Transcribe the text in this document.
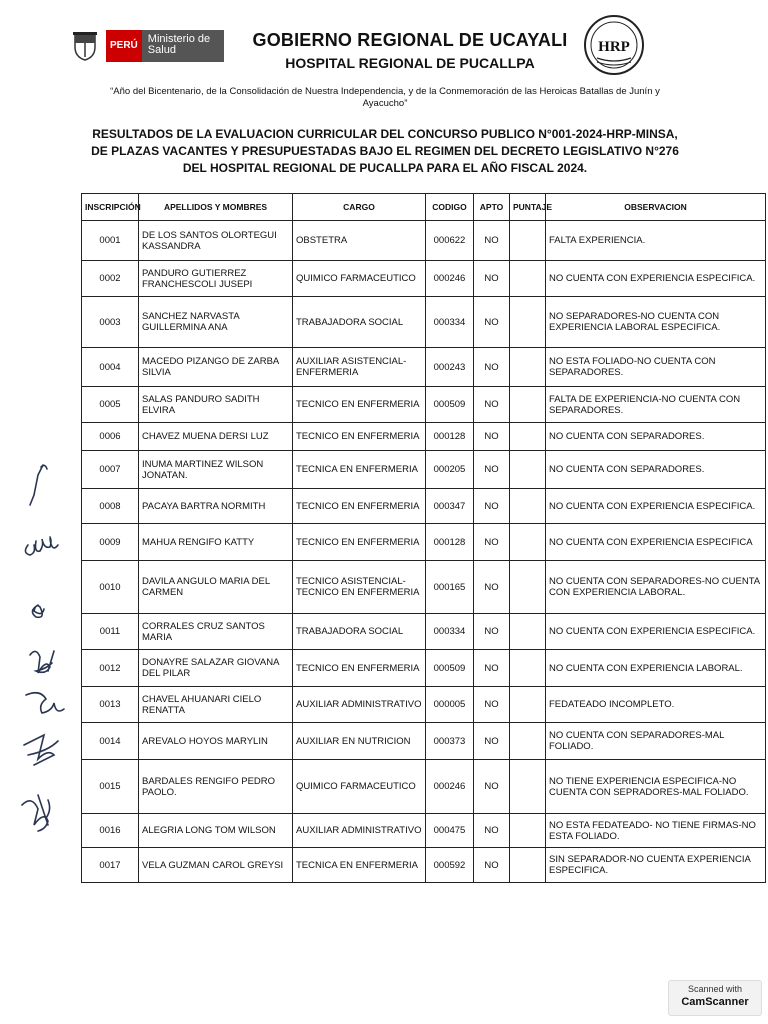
PERÚ
Ministerio de Salud	GOBIERNO REGIONAL DE UCAYALI
HOSPITAL REGIONAL DE PUCALLPA
HRP
“Año del Bicentenario, de la Consolidación de Nuestra Independencia, y de la Conmemoración de las Heroicas Batallas de Junín y Ayacucho”
RESULTADOS DE LA EVALUACION CURRICULAR DEL CONCURSO PUBLICO N°001-2024-HRP-MINSA,
DE PLAZAS VACANTES Y PRESUPUESTADAS BAJO EL REGIMEN DEL DECRETO LEGISLATIVO N°276
DEL HOSPITAL REGIONAL DE PUCALLPA PARA EL AÑO FISCAL 2024.
INSCRIPCIÓN	APELLIDOS Y MOMBRES	CARGO	CODIGO	APTO	PUNTAJE	OBSERVACION
0001	DE LOS SANTOS OLORTEGUI KASSANDRA	OBSTETRA	000622	NO		FALTA EXPERIENCIA.
0002	PANDURO GUTIERREZ FRANCHESCOLI JUSEPI	QUIMICO FARMACEUTICO	000246	NO		NO CUENTA CON EXPERIENCIA ESPECIFICA.
0003	SANCHEZ NARVASTA GUILLERMINA ANA	TRABAJADORA SOCIAL	000334	NO		NO SEPARADORES-NO CUENTA CON EXPERIENCIA LABORAL ESPECIFICA.
0004	MACEDO PIZANGO DE ZARBA SILVIA	AUXILIAR ASISTENCIAL-ENFERMERIA	000243	NO		NO ESTA FOLIADO-NO CUENTA CON SEPARADORES.
0005	SALAS PANDURO SADITH ELVIRA	TECNICO EN ENFERMERIA	000509	NO		FALTA DE EXPERIENCIA-NO CUENTA CON SEPARADORES.
0006	CHAVEZ MUENA DERSI LUZ	TECNICO EN ENFERMERIA	000128	NO		NO CUENTA CON SEPARADORES.
0007	INUMA MARTINEZ WILSON JONATAN.	TECNICA EN ENFERMERIA	000205	NO		NO CUENTA CON SEPARADORES.
0008	PACAYA BARTRA NORMITH	TECNICO EN ENFERMERIA	000347	NO		NO CUENTA CON EXPERIENCIA ESPECIFICA.
0009	MAHUA RENGIFO KATTY	TECNICO EN ENFERMERIA	000128	NO		NO CUENTA CON EXPERIENCIA ESPECIFICA
0010	DAVILA ANGULO MARIA DEL CARMEN	TECNICO ASISTENCIAL-TECNICO EN ENFERMERIA	000165	NO		NO CUENTA CON SEPARADORES-NO CUENTA CON EXPERIENCIA LABORAL.
0011	CORRALES CRUZ SANTOS MARIA	TRABAJADORA SOCIAL	000334	NO		NO CUENTA CON EXPERIENCIA ESPECIFICA.
0012	DONAYRE SALAZAR GIOVANA DEL PILAR	TECNICO EN ENFERMERIA	000509	NO		NO CUENTA CON EXPERIENCIA LABORAL.
0013	CHAVEL AHUANARI CIELO RENATTA	AUXILIAR ADMINISTRATIVO	000005	NO		FEDATEADO INCOMPLETO.
0014	AREVALO HOYOS MARYLIN	AUXILIAR EN NUTRICION	000373	NO		NO CUENTA CON SEPARADORES-MAL FOLIADO.
0015	BARDALES RENGIFO PEDRO PAOLO.	QUIMICO FARMACEUTICO	000246	NO		NO TIENE EXPERIENCIA ESPECIFICA-NO CUENTA CON SEPRADORES-MAL FOLIADO.
0016	ALEGRIA LONG TOM WILSON	AUXILIAR ADMINISTRATIVO	000475	NO		NO ESTA FEDATEADO- NO TIENE FIRMAS-NO ESTA FOLIADO.
0017	VELA GUZMAN CAROL GREYSI	TECNICA EN ENFERMERIA	000592	NO		SIN SEPARADOR-NO CUENTA EXPERIENCIA ESPECIFICA.
Scanned with
CamScanner
